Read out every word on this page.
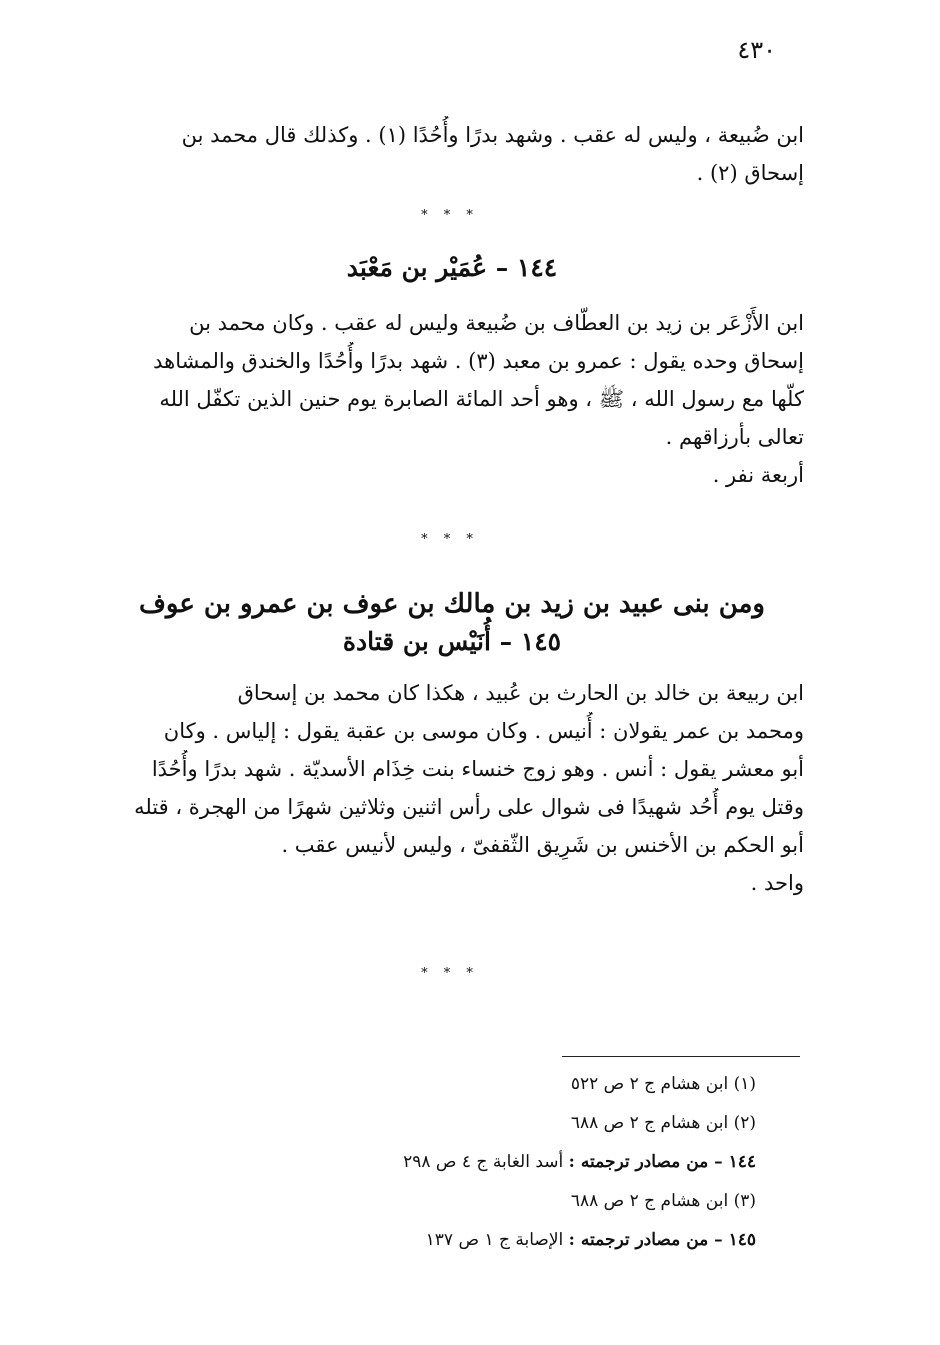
٤٣٠
ابن ضُبيعة ، وليس له عقب . وشهد بدرًا وأُحُدًا (١) . وكذلك قال محمد بن
إسحاق (٢) .
* * *
١٤٤ – عُمَيْر بن مَعْبَد
ابن الأَزْعَر بن زيد بن العطّاف بن ضُبيعة وليس له عقب . وكان محمد بن
إسحاق وحده يقول : عمرو بن معبد (٣) . شهد بدرًا وأُحُدًا والخندق والمشاهد
كلّها مع رسول الله ، ﷺ ، وهو أحد المائة الصابرة يوم حنين الذين تكفّل الله
تعالى بأرزاقهم .
أربعة نفر .
* * *
ومن بنى عبيد بن زيد بن مالك بن عوف بن عمرو بن عوف
١٤٥ – أُنَيْس بن قتادة
ابن ربيعة بن خالد بن الحارث بن عُبيد ، هكذا كان محمد بن إسحاق
ومحمد بن عمر يقولان : أُنيس . وكان موسى بن عقبة يقول : إلياس . وكان
أبو معشر يقول : أنس . وهو زوج خنساء بنت خِذَام الأسديّة . شهد بدرًا وأُحُدًا
وقتل يوم أُحُد شهيدًا فى شوال على رأس اثنين وثلاثين شهرًا من الهجرة ، قتله
أبو الحكم بن الأخنس بن شَرِيق الثّقفىّ ، وليس لأنيس عقب .
واحد .
* * *
(١) ابن هشام ج ٢ ص ٥٢٢
(٢) ابن هشام ج ٢ ص ٦٨٨
١٤٤ – من مصادر ترجمته : أسد الغابة ج ٤ ص ٢٩٨
(٣) ابن هشام ج ٢ ص ٦٨٨
١٤٥ – من مصادر ترجمته : الإصابة ج ١ ص ١٣٧
